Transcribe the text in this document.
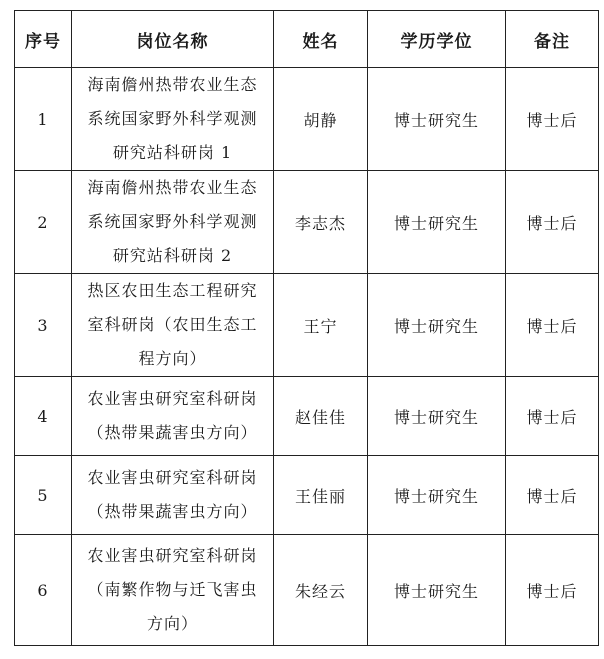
序号	岗位名称	姓名	学历学位	备注
1	海南儋州热带农业生态
系统国家野外科学观测
研究站科研岗 1	胡静	博士研究生	博士后
2	海南儋州热带农业生态
系统国家野外科学观测
研究站科研岗 2	李志杰	博士研究生	博士后
3	热区农田生态工程研究
室科研岗（农田生态工
程方向）	王宁	博士研究生	博士后
4	农业害虫研究室科研岗
（热带果蔬害虫方向）	赵佳佳	博士研究生	博士后
5	农业害虫研究室科研岗
（热带果蔬害虫方向）	王佳丽	博士研究生	博士后
6	农业害虫研究室科研岗
（南繁作物与迁飞害虫
方向）	朱经云	博士研究生	博士后
